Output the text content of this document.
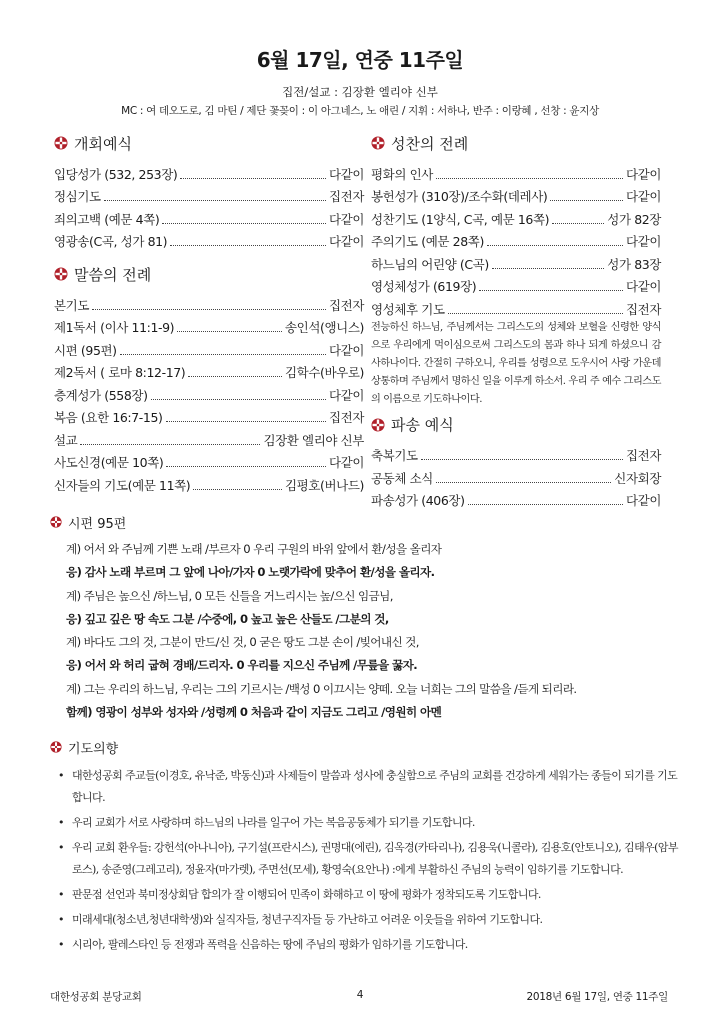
6월 17일, 연중 11주일
집전/설교 : 김장환 엘리야 신부
MC : 여 데오도로, 김 마틴 / 제단 꽃꽂이 : 이 아그네스, 노 애린 / 지휘 : 서하나, 반주 : 이랑혜 , 선창 : 윤지상
개회예식
입당성가 (532, 253장)	다같이
정심기도	집전자
죄의고백 (예문 4쪽)	다같이
영광송(C곡, 성가 81)	다같이
말씀의 전례
본기도	집전자
제1독서 (이사 11:1-9)	송인석(앵니스)
시편 (95편)	다같이
제2독서 ( 로마 8:12-17)	김학수(바우로)
층계성가 (558장)	다같이
복음 (요한 16:7-15)	집전자
설교	김장환 엘리야 신부
사도신경(예문 10쪽)	다같이
신자들의 기도(예문 11쪽)	김평호(버나드)
성찬의 전례
평화의 인사	다같이
봉헌성가 (310장)/조수화(데레사)	다같이
성찬기도 (1양식, C곡, 예문 16쪽)	성가 82장
주의기도 (예문 28쪽)	다같이
하느님의 어린양 (C곡)	성가 83장
영성체성가 (619장)	다같이
영성체후 기도	집전자

전능하신 하느님, 주님께서는 그리스도의 성체와 보혈을 신령한 양식으로 우리에게 먹이심으로써 그리스도의 몸과 하나 되게 하셨으니 감사하나이다. 간절히 구하오니, 우리를 성령으로 도우시어 사랑 가운데 상통하며 주님께서 명하신 일을 이루게 하소서. 우리 주 예수 그리스도의 이름으로 기도하나이다.

파송 예식
축복기도	집전자
공동체 소식	신자회장
파송성가 (406장)	다같이
시편 95편
계) 어서 와 주님께 기쁜 노래 /부르자 0 우리 구원의 바위 앞에서 환/성을 올리자
응) 감사 노래 부르며 그 앞에 나아/가자 0 노랫가락에 맞추어 환/성을 올리자.
계) 주님은 높으신 /하느님, 0 모든 신들을 거느리시는 높/으신 임금님,
응) 깊고 깊은 땅 속도 그분 /수중에, 0 높고 높은 산들도 /그분의 것,
계) 바다도 그의 것, 그분이 만드/신 것, 0 굳은 땅도 그분 손이 /빚어내신 것,
응) 어서 와 허리 굽혀 경배/드리자. 0 우리를 지으신 주님께 /무릎을 꿇자.
계) 그는 우리의 하느님, 우리는 그의 기르시는 /백성 0 이끄시는 양떼. 오늘 너희는 그의 말씀을 /듣게 되리라.
함께) 영광이 성부와 성자와 /성령께 0 처음과 같이 지금도 그리고 /영원히 아멘
기도의향
• 대한성공회 주교들(이경호, 유낙준, 박동신)과 사제들이 말씀과 성사에 충실함으로 주님의 교회를 건강하게 세워가는 종들이 되기를 기도합니다.
• 우리 교회가 서로 사랑하며 하느님의 나라를 일구어 가는 복음공동체가 되기를 기도합니다.
• 우리 교회 환우들: 강헌석(아나니아), 구기설(프란시스), 권명대(에린), 김옥경(카타리나), 김용욱(니콜라), 김용호(안토니오), 김태우(암부로스), 송준영(그레고리), 정윤자(마가렛), 주면선(모세), 황영숙(요안나) :에게 부활하신 주님의 능력이 임하기를 기도합니다.
• 판문점 선언과 북미정상회담 합의가 잘 이행되어 민족이 화해하고 이 땅에 평화가 정착되도록 기도합니다.
• 미래세대(청소년,청년대학생)와 실직자들, 청년구직자들 등 가난하고 어려운 이웃들을 위하여 기도합니다.
• 시리아, 팔레스타인 등 전쟁과 폭력을 신음하는 땅에 주님의 평화가 임하기를 기도합니다.
대한성공회 분당교회	4	2018년 6월 17일, 연중 11주일
